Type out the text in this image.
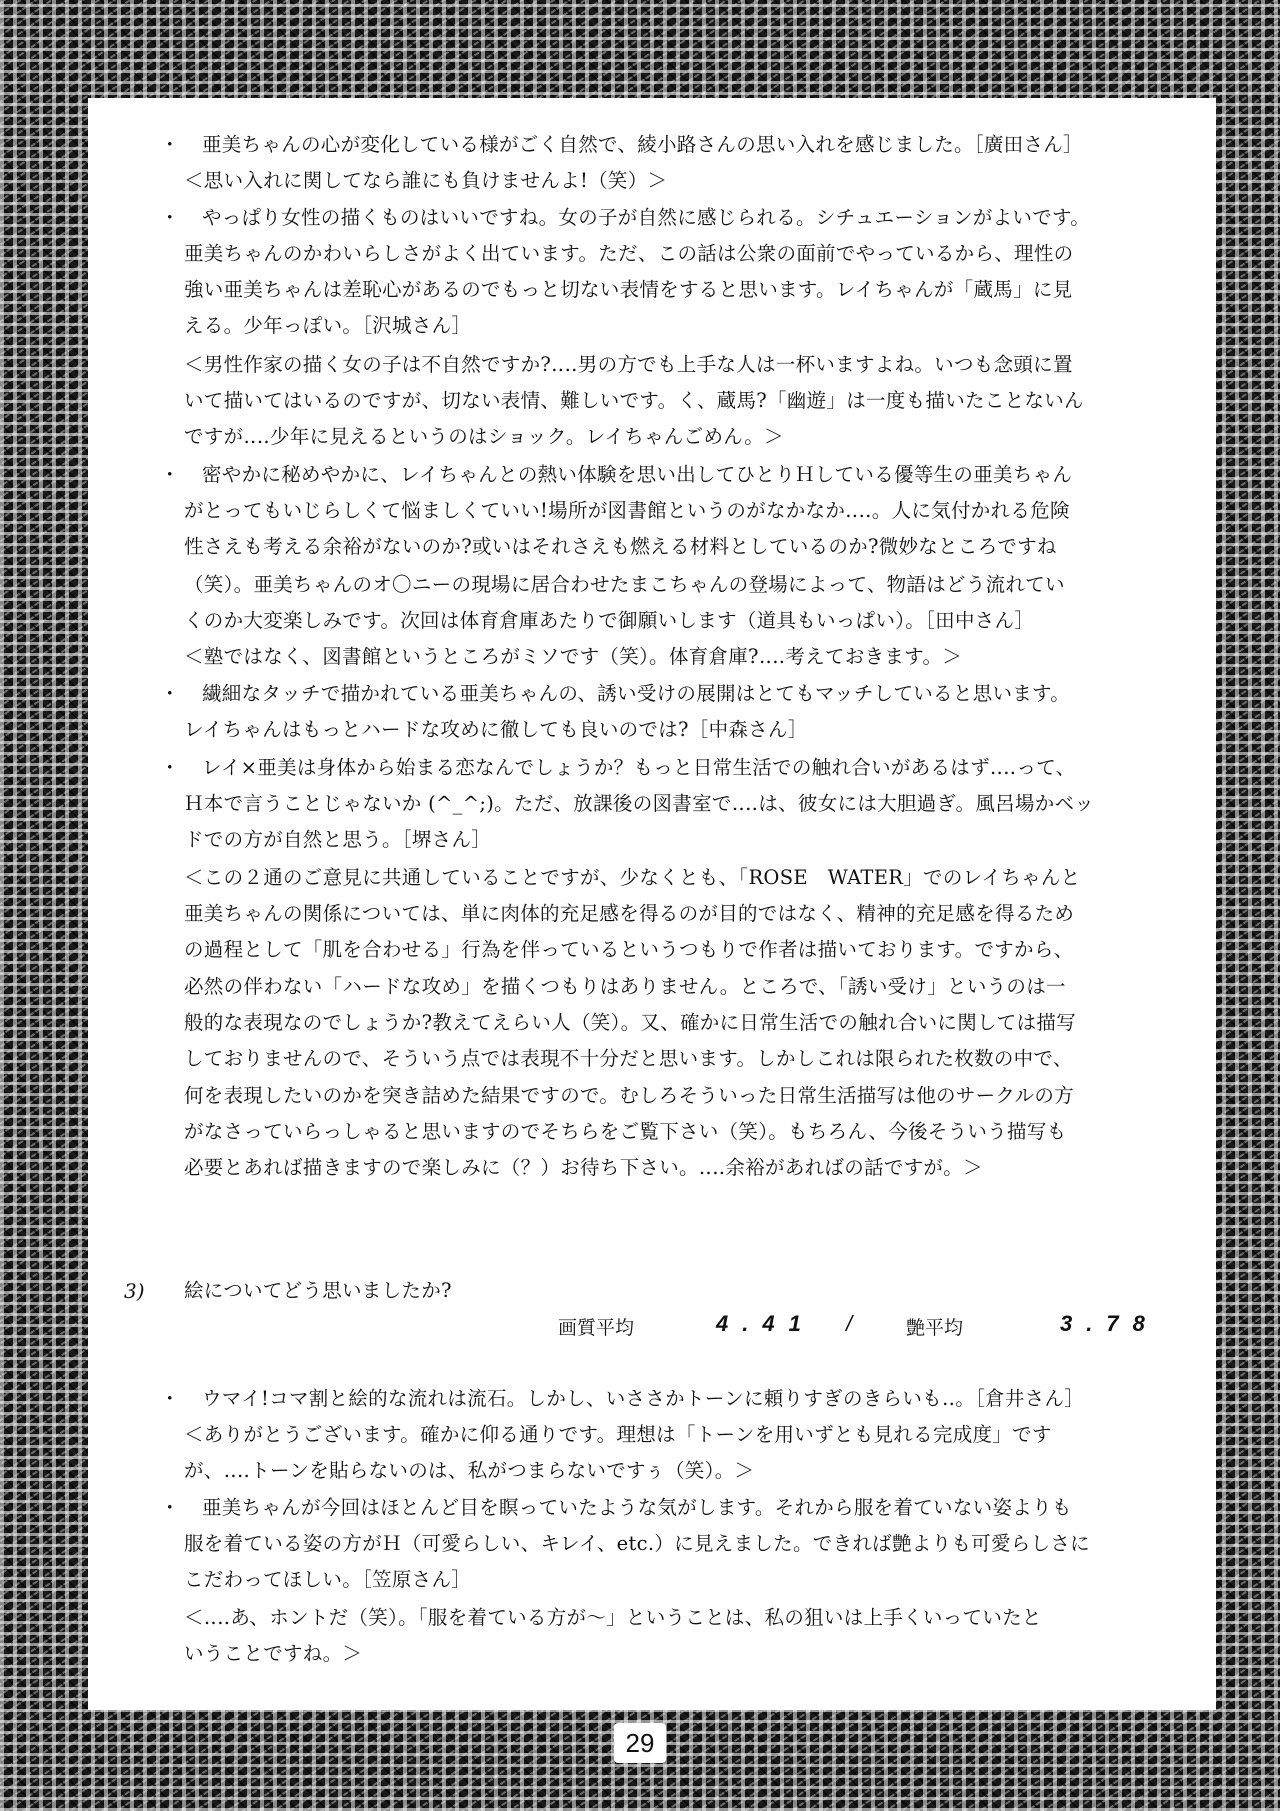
・ 亜美ちゃんの心が変化している様がごく自然で、綾小路さんの思い入れを感じました。［廣田さん］
＜思い入れに関してなら誰にも負けませんよ!（笑）＞
・ やっぱり女性の描くものはいいですね。女の子が自然に感じられる。シチュエーションがよいです。
亜美ちゃんのかわいらしさがよく出ています。ただ、この話は公衆の面前でやっているから、理性の
強い亜美ちゃんは差恥心があるのでもっと切ない表情をすると思います。レイちゃんが「蔵馬」に見
える。少年っぽい。［沢城さん］
＜男性作家の描く女の子は不自然ですか?‥‥男の方でも上手な人は一杯いますよね。いつも念頭に置
いて描いてはいるのですが、切ない表情、難しいです。く、蔵馬?「幽遊」は一度も描いたことないん
ですが‥‥少年に見えるというのはショック。レイちゃんごめん。＞
・ 密やかに秘めやかに、レイちゃんとの熱い体験を思い出してひとりＨしている優等生の亜美ちゃん
がとってもいじらしくて悩ましくていい!場所が図書館というのがなかなか‥‥。人に気付かれる危険
性さえも考える余裕がないのか?或いはそれさえも燃える材料としているのか?微妙なところですね
（笑）。亜美ちゃんのオ〇ニーの現場に居合わせたまこちゃんの登場によって、物語はどう流れてい
くのか大変楽しみです。次回は体育倉庫あたりで御願いします（道具もいっぱい）。［田中さん］
＜塾ではなく、図書館というところがミソです（笑）。体育倉庫?‥‥考えておきます。＞
・ 繊細なタッチで描かれている亜美ちゃんの、誘い受けの展開はとてもマッチしていると思います。
レイちゃんはもっとハードな攻めに徹しても良いのでは?［中森さん］
・ レイ×亜美は身体から始まる恋なんでしょうか？もっと日常生活での触れ合いがあるはず‥‥って、
Ｈ本で言うことじゃないか (^_^;)。ただ、放課後の図書室で‥‥は、彼女には大胆過ぎ。風呂場かベッ
ドでの方が自然と思う。［堺さん］
＜この２通のご意見に共通していることですが、少なくとも、「ROSE　WATER」でのレイちゃんと
亜美ちゃんの関係については、単に肉体的充足感を得るのが目的ではなく、精神的充足感を得るため
の過程として「肌を合わせる」行為を伴っているというつもりで作者は描いております。ですから、
必然の伴わない「ハードな攻め」を描くつもりはありません。ところで、「誘い受け」というのは一
般的な表現なのでしょうか?教えてえらい人（笑）。又、確かに日常生活での触れ合いに関しては描写
しておりませんので、そういう点では表現不十分だと思います。しかしこれは限られた枚数の中で、
何を表現したいのかを突き詰めた結果ですので。むしろそういった日常生活描写は他のサークルの方
がなさっていらっしゃると思いますのでそちらをご覧下さい（笑）。もちろん、今後そういう描写も
必要とあれば描きますので楽しみに（？）お待ち下さい。‥‥余裕があればの話ですが。＞
3) 絵についてどう思いましたか?
画質平均	4.41 /	艶平均	3.78
・ ウマイ!コマ割と絵的な流れは流石。しかし、いささかトーンに頼りすぎのきらいも‥。［倉井さん］
＜ありがとうございます。確かに仰る通りです。理想は「トーンを用いずとも見れる完成度」です
が、‥‥トーンを貼らないのは、私がつまらないですぅ（笑）。＞
・ 亜美ちゃんが今回はほとんど目を瞑っていたような気がします。それから服を着ていない姿よりも
服を着ている姿の方がＨ（可愛らしい、キレイ、etc.）に見えました。できれば艶よりも可愛らしさに
こだわってほしい。［笠原さん］
＜‥‥あ、ホントだ（笑）。「服を着ている方が～」ということは、私の狙いは上手くいっていたと
いうことですね。＞
29
